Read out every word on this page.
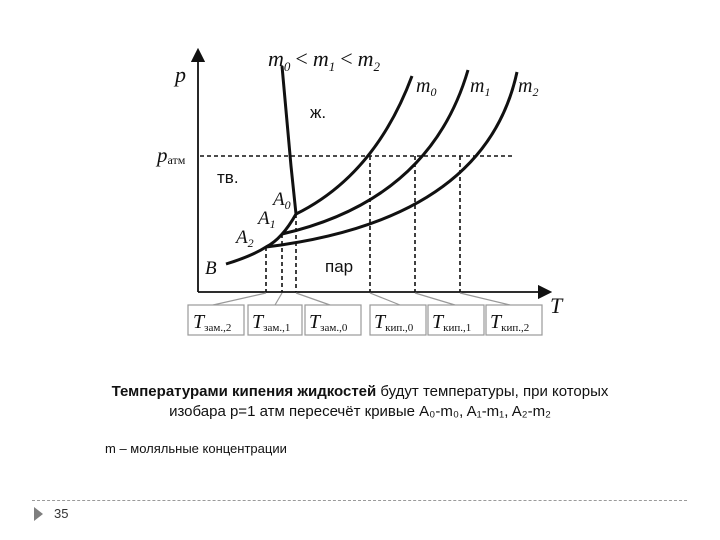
p
T
$m_0 < m_1 < m_2$
pатм
ж.
тв.
пар
$m_0$ $m_1$ $m_2$
$A_0$
$A_1$
$A_2$
B
Tзам.,2 Tзам.,1 Tзам.,0 Tкип.,0 Tкип.,1 Tкип.,2
Температурами кипения жидкостей будут температуры, при которых
изобара p=1 атм пересечёт кривые A₀-m₀, A₁-m₁, A₂-m₂
m – моляльные концентрации
35
